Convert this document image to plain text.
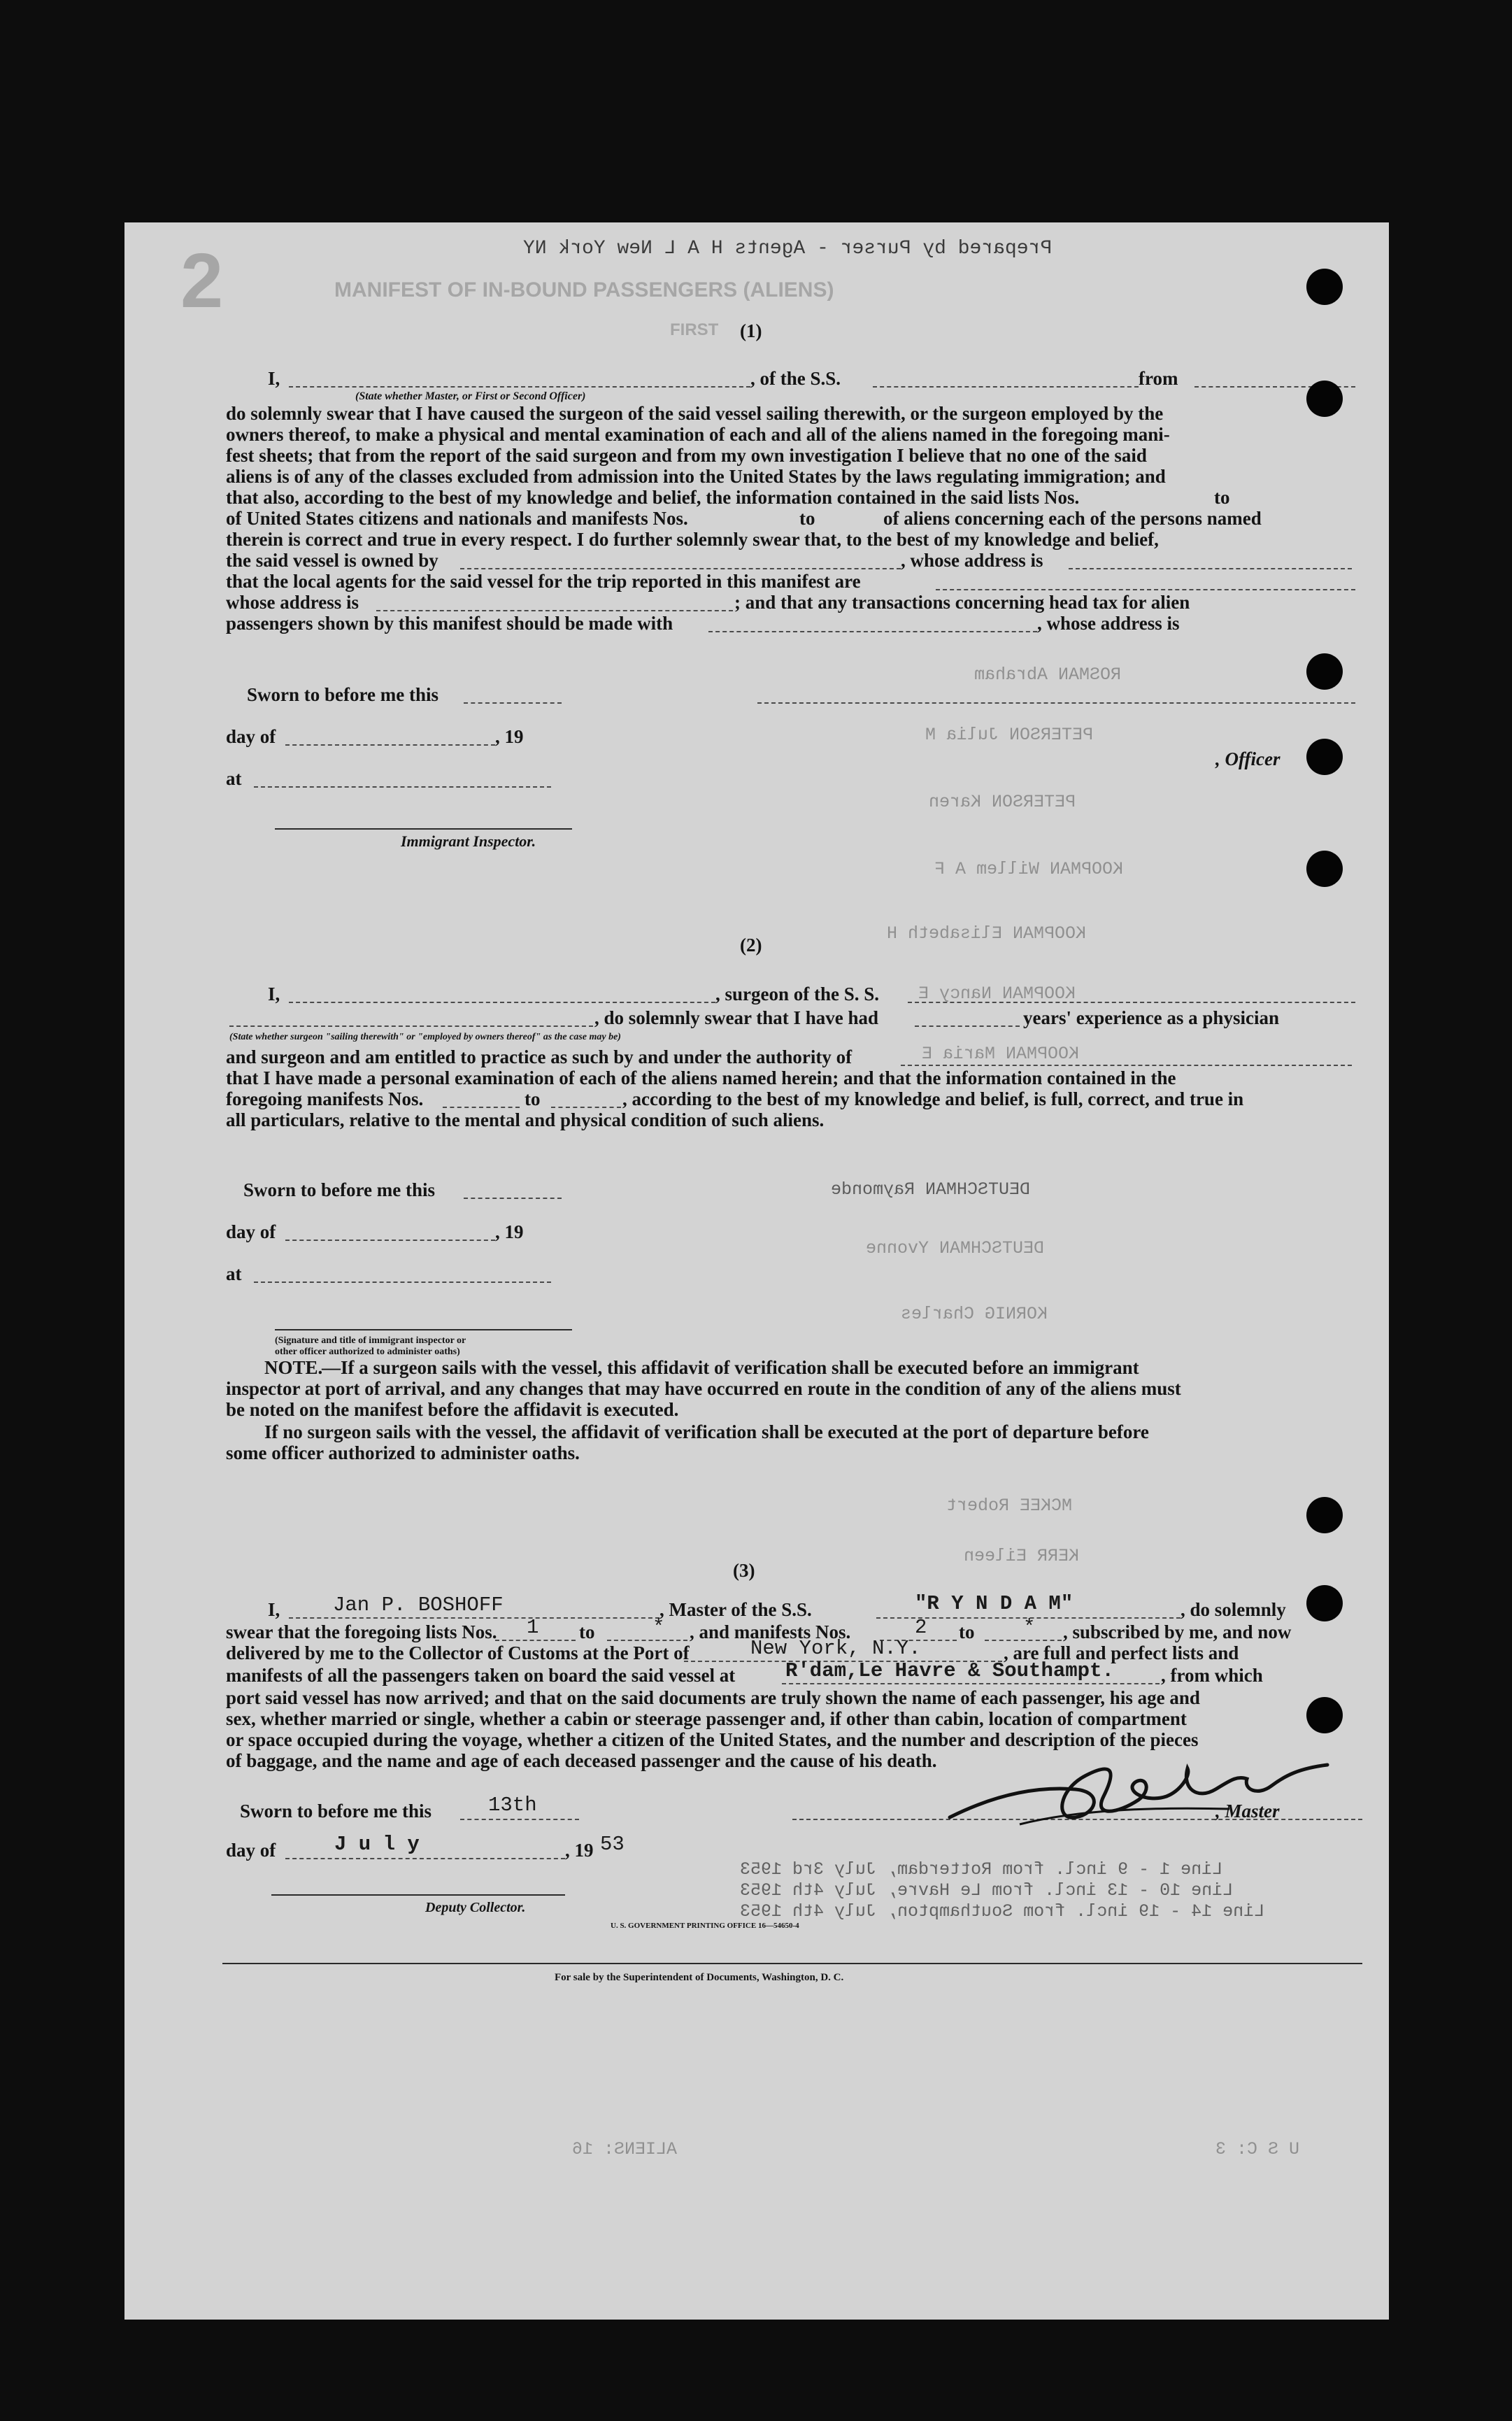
2	MANIFEST OF IN-BOUND PASSENGERS (ALIENS)
FIRST
Prepared by Purser - Agents H A L New York NY
(1)
I,
(State whether Master, or First or Second Officer)
, of the S.S.	from
do solemnly swear that I have caused the surgeon of the said vessel sailing therewith, or the surgeon employed by the
owners thereof, to make a physical and mental examination of each and all of the aliens named in the foregoing mani-
fest sheets; that from the report of the said surgeon and from my own investigation I believe that no one of the said
aliens is of any of the classes excluded from admission into the United States by the laws regulating immigration; and
that also, according to the best of my knowledge and belief, the information contained in the said lists Nos.	to
of United States citizens and nationals and manifests Nos.	to	of aliens concerning each of the persons named
therein is correct and true in every respect. I do further solemnly swear that, to the best of my knowledge and belief,
the said vessel is owned by	, whose address is
that the local agents for the said vessel for the trip reported in this manifest are
whose address is	; and that any transactions concerning head tax for alien
passengers shown by this manifest should be made with	, whose address is
Sworn to before me this
day of	, 19
, Officer
at
Immigrant Inspector.
(2)
I,	, surgeon of the S. S.
, do solemnly swear that I have had	years' experience as a physician
(State whether surgeon "sailing therewith" or "employed by owners thereof" as the case may be)
and surgeon and am entitled to practice as such by and under the authority of
that I have made a personal examination of each of the aliens named herein; and that the information contained in the
foregoing manifests Nos.	to	, according to the best of my knowledge and belief, is full, correct, and true in
all particulars, relative to the mental and physical condition of such aliens.
Sworn to before me this
day of	, 19
at
(Signature and title of immigrant inspector or
other officer authorized to administer oaths)
NOTE.
—If a surgeon sails with the vessel, this affidavit of verification shall be executed before an immigrant
inspector at port of arrival, and any changes that may have occurred en route in the condition of any of the aliens must
be noted on the manifest before the affidavit is executed.
If no surgeon sails with the vessel, the affidavit of verification shall be executed at the port of departure before
some officer authorized to administer oaths.
(3)
I,	Jan P. BOSHOFF	, Master of the S.S.	"R Y N D A M"	, do solemnly
swear that the foregoing lists Nos. 1 to	* , and manifests Nos.	2 to * , subscribed by me, and now
delivered by me to the Collector of Customs at the Port of	New York, N.Y.	, are full and perfect lists and
manifests of all the passengers taken on board the said vessel at R'dam,Le Havre & Southampt. , from which
port said vessel has now arrived; and that on the said documents are truly shown the name of each passenger, his age and
sex, whether married or single, whether a cabin or steerage passenger and, if other than cabin, location of compartment
or space occupied during the voyage, whether a citizen of the United States, and the number and description of the pieces
of baggage, and the name and age of each deceased passenger and the cause of his death.
Sworn to before me this	13th	, Master
day of	J u l y	, 19 53
Deputy Collector.
U. S. GOVERNMENT PRINTING OFFICE 16—54650-4
For sale by the Superintendent of Documents, Washington, D. C.
ROSMAN Abraham
PETERSON Julia M
PETERSON Karen
KOOPMAN Willem A F
KOOPMAN Elisabeth H
KOOPMAN Nancy E
KOOPMAN Maria E
DEUTSCHMAN Raymonde
DEUTSCHMAN Yvonne
KORNIG Charles
MCKEE Robert
KERR Eileen
Line 1 - 9 incl. from Rotterdam, July 3rd 1953
Line 10 - 13 incl. from Le Havre, July 4th 1953
Line 14 - 19 incl. from Southampton, July 4th 1953
ALIENS: 16	U S C: 3
